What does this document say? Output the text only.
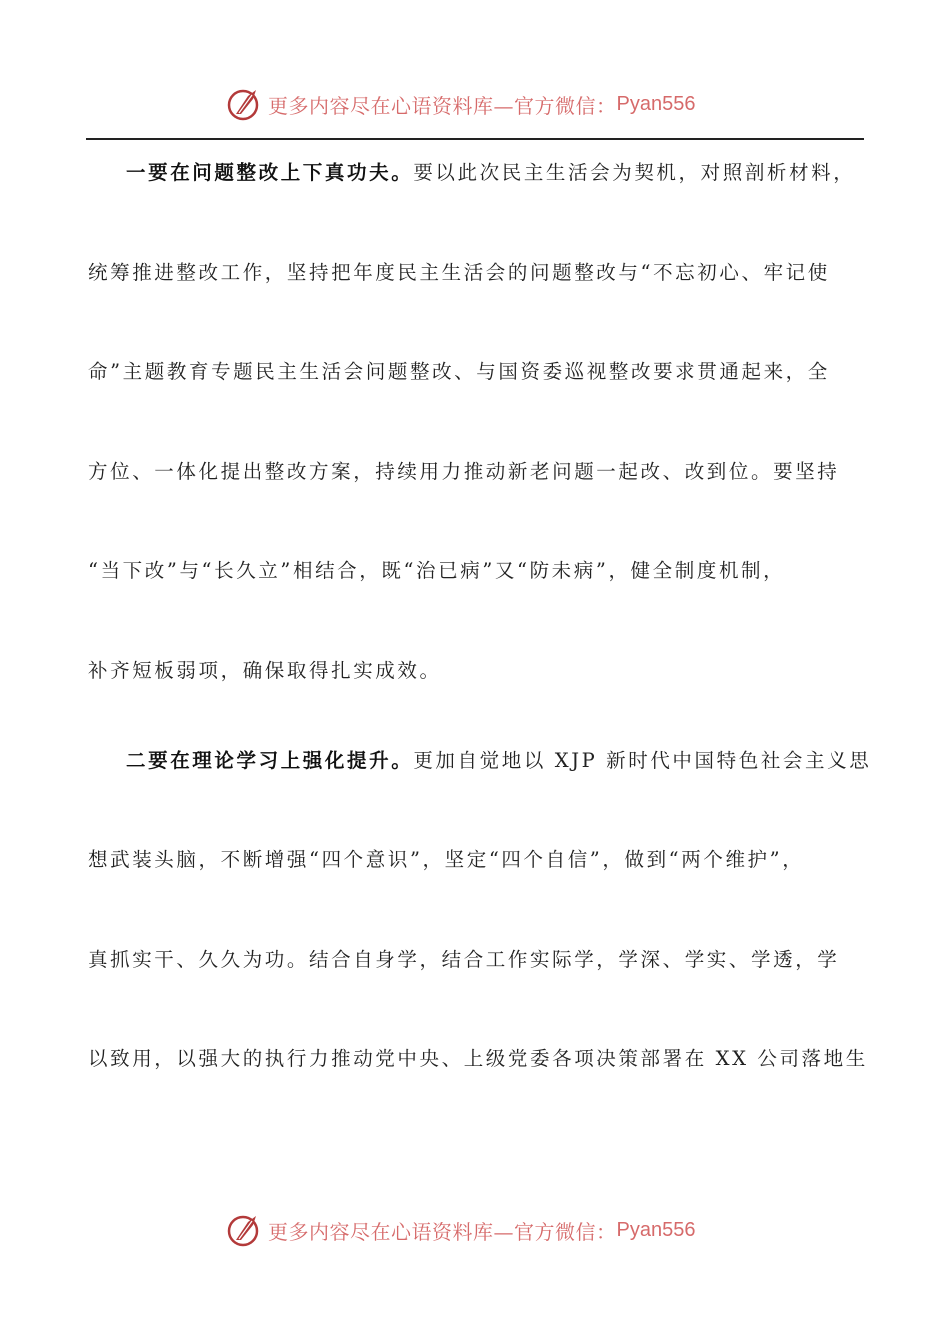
更多内容尽在心语资料库—官方微信： Pyan556
一要在问题整改上下真功夫。要以此次民主生活会为契机，对照剖析材料，
统筹推进整改工作，坚持把年度民主生活会的问题整改与“不忘初心、牢记使
命”主题教育专题民主生活会问题整改、与国资委巡视整改要求贯通起来，全
方位、一体化提出整改方案，持续用力推动新老问题一起改、改到位。要坚持
“当下改”与“长久立”相结合，既“治已病”又“防未病”，健全制度机制，
补齐短板弱项，确保取得扎实成效。
二要在理论学习上强化提升。更加自觉地以 XJP 新时代中国特色社会主义思
想武装头脑，不断增强“四个意识”，坚定“四个自信”，做到“两个维护”，
真抓实干、久久为功。结合自身学，结合工作实际学，学深、学实、学透，学
以致用，以强大的执行力推动党中央、上级党委各项决策部署在 XX 公司落地生
更多内容尽在心语资料库—官方微信： Pyan556
